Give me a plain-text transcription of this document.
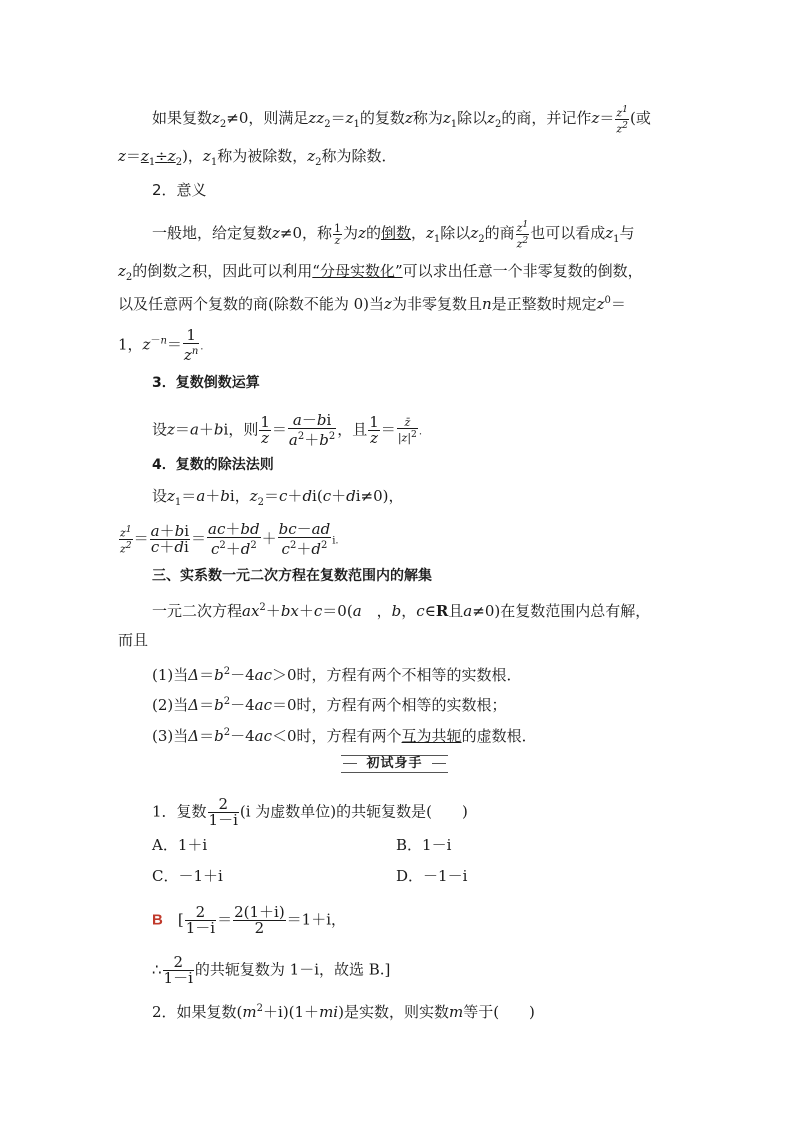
如果复数$z_2\ne 0$，则满足$zz_2=z_1$的复数z称为$z_1$除以$z_2$的商，并记作$z= \frac{z^1}{z^2}$ (或
$z=z_1\div z_2$)，$z_1$称为被除数，$z_2$称为除数．
2．意义
一般地，给定复数z≠0，称 $\frac{1}{z}$ 为z的倒数，$z_1$除以$z_2$的商 $\frac{z^1}{z^2}$ 也可以看成$z_1$与
$z_2$的倒数之积，因此可以利用“分母实数化”可以求出任意一个非零复数的倒数，
以及任意两个复数的商(除数不能为 0)当z为非零复数且n是正整数时规定$z^0=$
1，$z^{-n}= \frac{1}{z^n}$ .
3．复数倒数运算
设z＝a＋bi，则 $\frac{1}{z} = \frac{a-bi}{a^2+b^2}$ ，且 $\frac{1}{z} = \frac{z̄}{|z|^2}$ .
4．复数的除法法则
设$z_1=a+bi$，$z_2=c+di(c+di\ne 0)$，
$\frac{z^1}{z^2} = \frac{a+bi}{c+di} = \frac{ac+bd}{c^2+d^2} + \frac{bc-ad}{c^2+d^2} i$.
三、实系数一元二次方程在复数范围内的解集
一元二次方程$ax^2+bx+c=0(a$　，b，c∈R且a≠0)在复数范围内总有解，
而且
(1)当$\Delta=b^2-4ac>0$时，方程有两个不相等的实数根．
(2)当$\Delta=b^2-4ac=0$时，方程有两个相等的实数根；
(3)当$\Delta=b^2-4ac<0$时，方程有两个互为共轭的虚数根．
初试身手
1．复数 $\frac{2}{1-i} (i$ 为虚数单位)的共轭复数是(　　)
A．1＋i	B．1－i
C．－1＋i	D．－1－i
B　 [ $\frac{2}{1-i} = \frac{2(1+i)}{2} =1+i$，
∴ $\frac{2}{1-i}$ 的共轭复数为 1－i，故选 B.]
2．如果复数$(m^2+i)(1+mi)$是实数，则实数m等于(　　)
